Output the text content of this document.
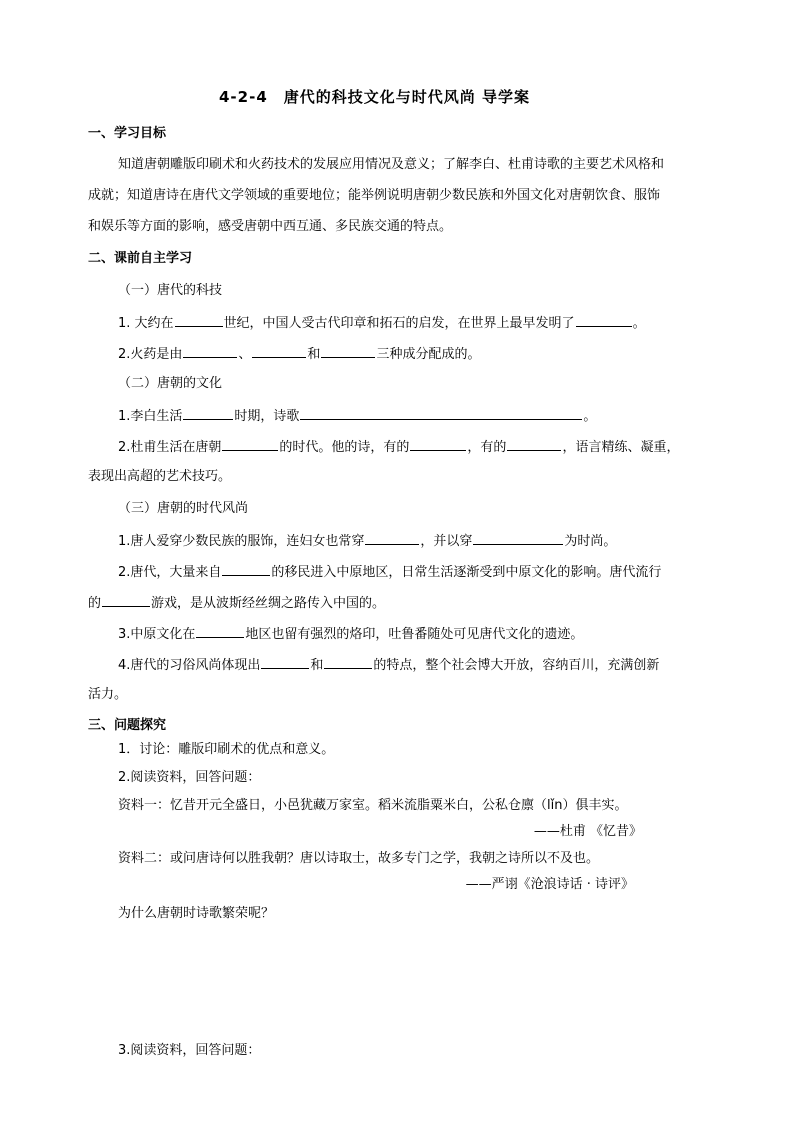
4-2-4　唐代的科技文化与时代风尚 导学案
一、学习目标
知道唐朝雕版印刷术和火药技术的发展应用情况及意义；了解李白、杜甫诗歌的主要艺术风格和
成就；知道唐诗在唐代文学领域的重要地位；能举例说明唐朝少数民族和外国文化对唐朝饮食、服饰
和娱乐等方面的影响，感受唐朝中西互通、多民族交通的特点。
二、课前自主学习
（一）唐代的科技
1. 大约在	世纪，中国人受古代印章和拓石的启发，在世界上最早发明了	。
2.火药是由	、	和	三种成分配成的。
（二）唐朝的文化
1.李白生活	时期，诗歌	。
2.杜甫生活在唐朝	的时代。他的诗，有的	，有的	，语言精练、凝重，
表现出高超的艺术技巧。
（三）唐朝的时代风尚
1.唐人爱穿少数民族的服饰，连妇女也常穿	，并以穿	为时尚。
2.唐代，大量来自	的移民进入中原地区，日常生活逐渐受到中原文化的影响。唐代流行
的	游戏，是从波斯经丝绸之路传入中国的。
3.中原文化在	地区也留有强烈的烙印，吐鲁番随处可见唐代文化的遗迹。
4.唐代的习俗风尚体现出	和	的特点，整个社会博大开放，容纳百川，充满创新
活力。
三、问题探究
1．讨论：雕版印刷术的优点和意义。
2.阅读资料，回答问题：
资料一：忆昔开元全盛日，小邑犹藏万家室。稻米流脂粟米白，公私仓廪（lǐn）俱丰实。
——杜甫 《忆昔》
资料二：或问唐诗何以胜我朝？唐以诗取士，故多专门之学，我朝之诗所以不及也。
——严诩《沧浪诗话 · 诗评》
为什么唐朝时诗歌繁荣呢？
3.阅读资料，回答问题：
